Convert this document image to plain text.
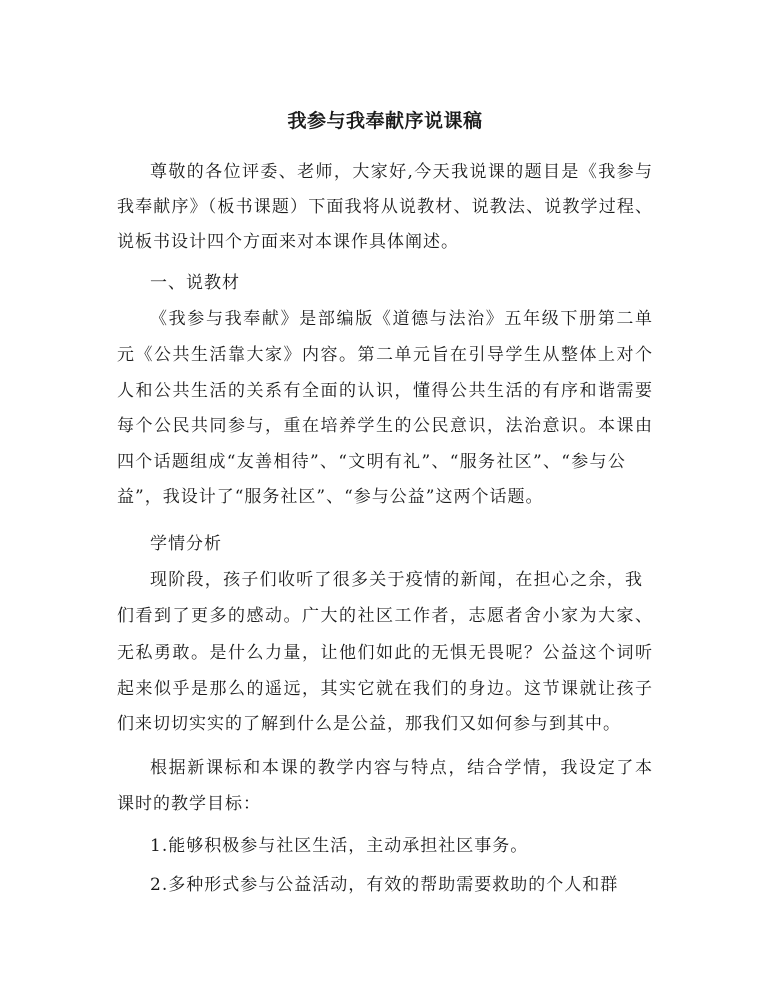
我参与我奉献序说课稿
尊敬的各位评委、老师，大家好,今天我说课的题目是《我参与
我奉献序》（板书课题）下面我将从说教材、说教法、说教学过程、
说板书设计四个方面来对本课作具体阐述。
一、说教材
《我参与我奉献》是部编版《道德与法治》五年级下册第二单
元《公共生活靠大家》内容。第二单元旨在引导学生从整体上对个
人和公共生活的关系有全面的认识，懂得公共生活的有序和谐需要
每个公民共同参与，重在培养学生的公民意识，法治意识。本课由
四个话题组成“友善相待”、“文明有礼”、“服务社区”、“参与公
益”，我设计了“服务社区”、“参与公益”这两个话题。
学情分析
现阶段，孩子们收听了很多关于疫情的新闻，在担心之余，我
们看到了更多的感动。广大的社区工作者，志愿者舍小家为大家、
无私勇敢。是什么力量，让他们如此的无惧无畏呢？公益这个词听
起来似乎是那么的遥远，其实它就在我们的身边。这节课就让孩子
们来切切实实的了解到什么是公益，那我们又如何参与到其中。
根据新课标和本课的教学内容与特点，结合学情，我设定了本
课时的教学目标：
1.能够积极参与社区生活，主动承担社区事务。
2.多种形式参与公益活动，有效的帮助需要救助的个人和群
